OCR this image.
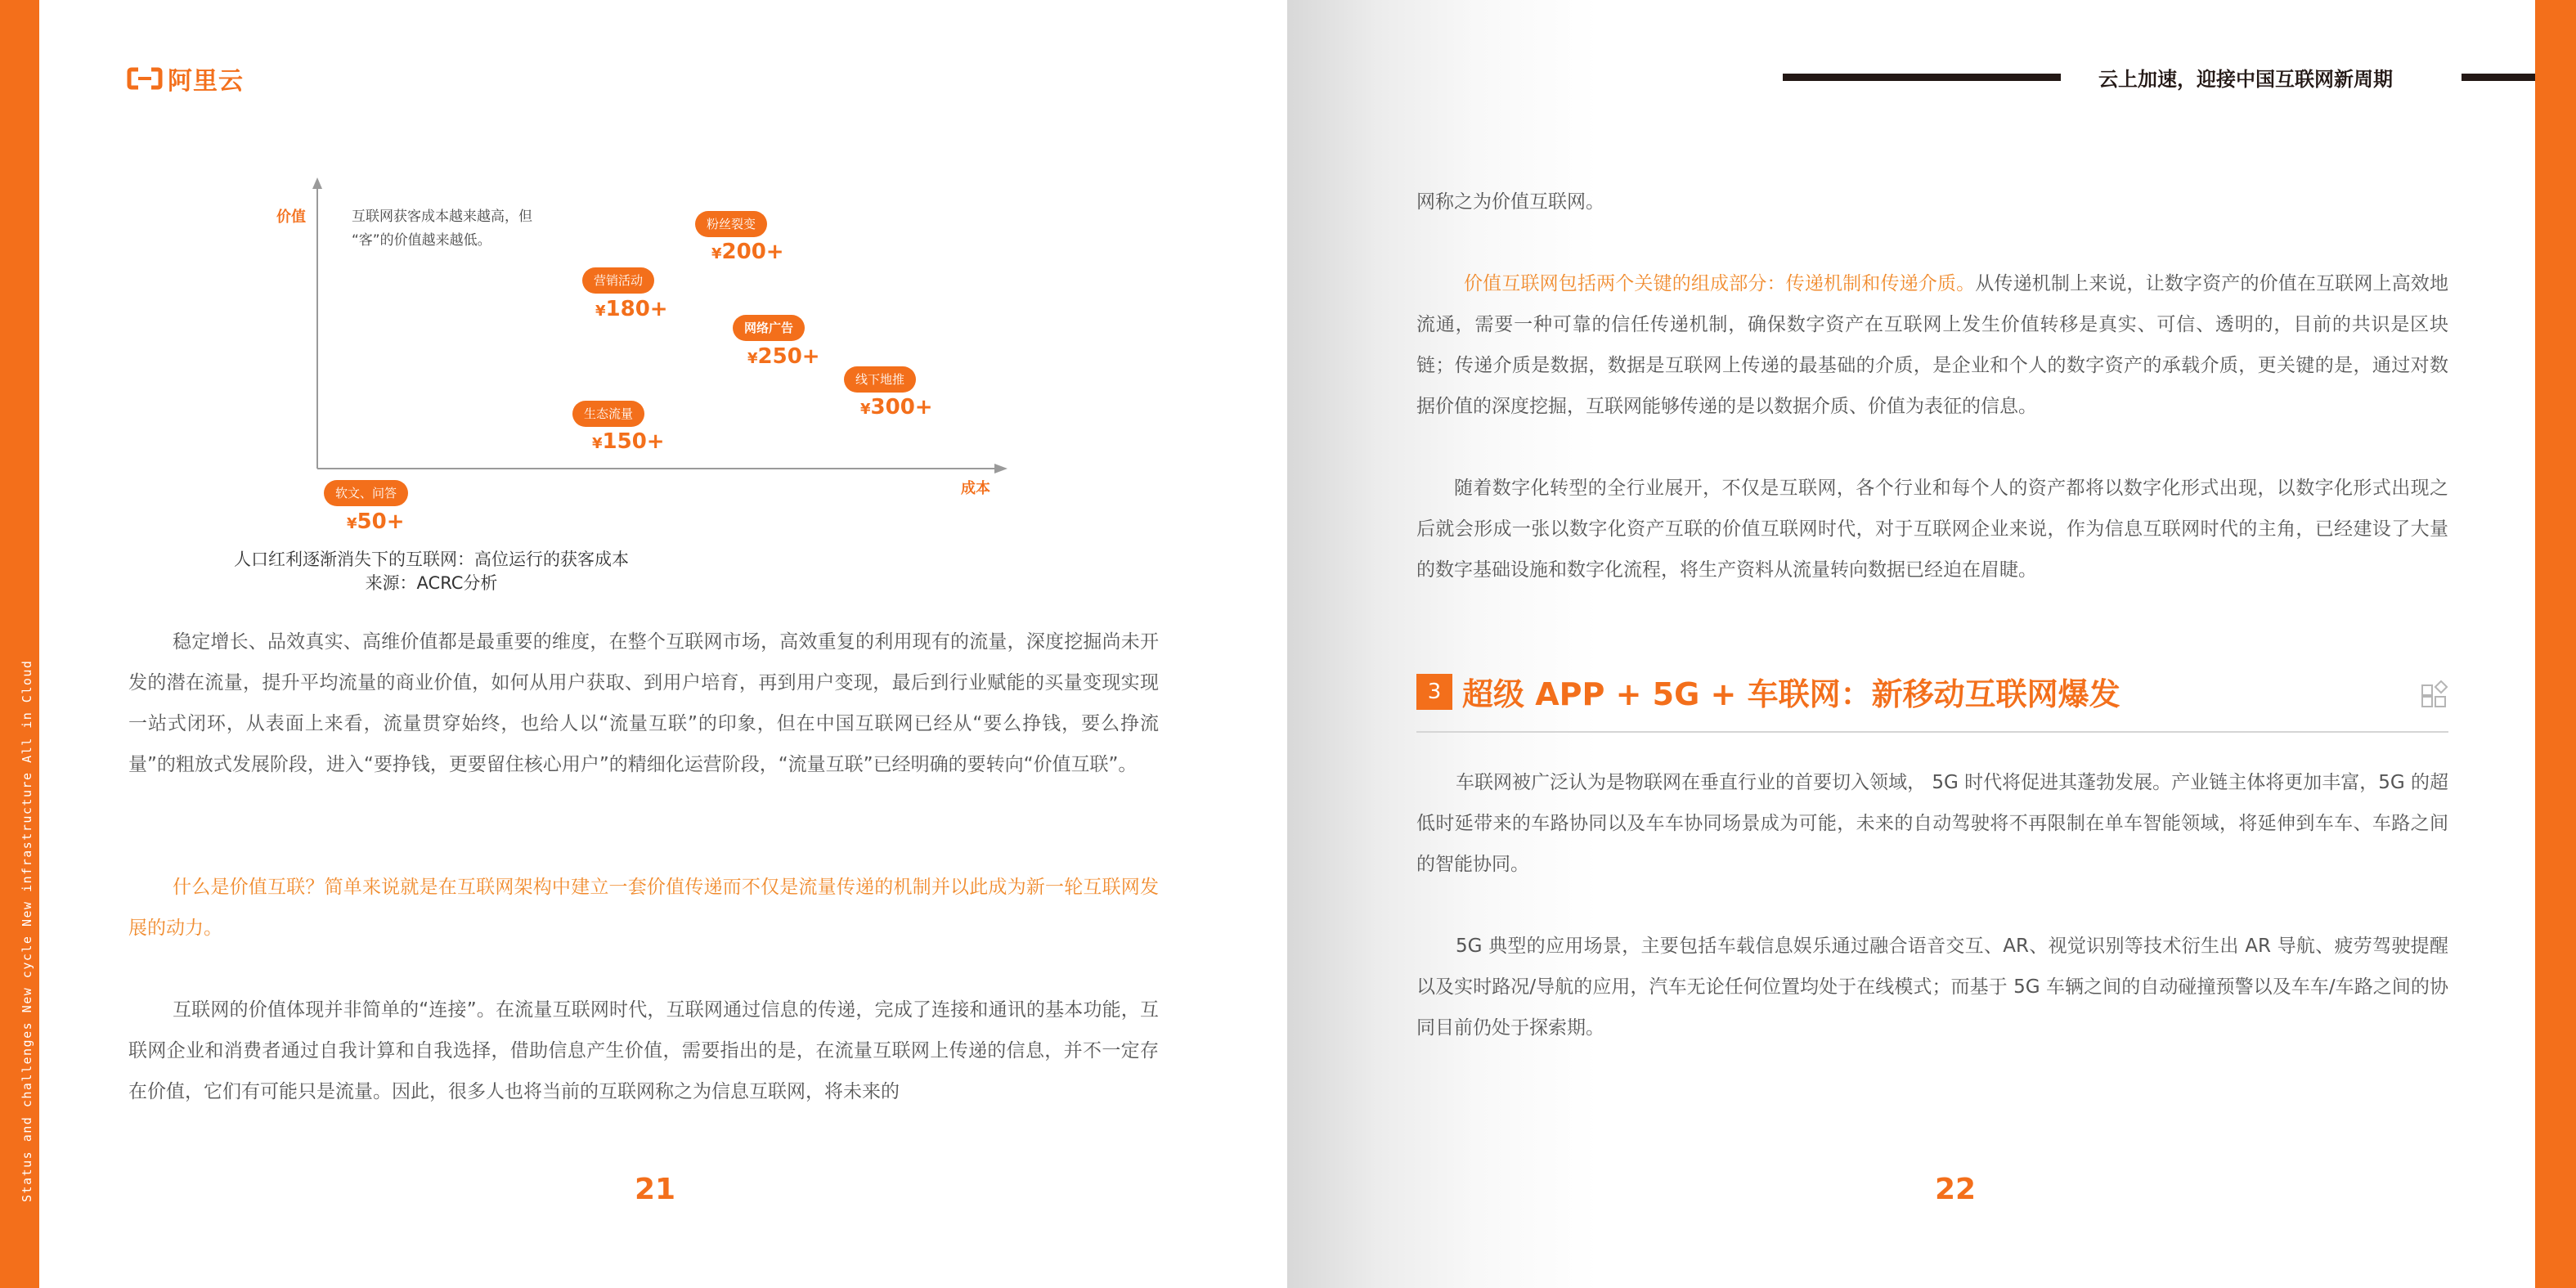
Status and challenges New cycle New infrastructure All in Cloud
阿里云	云上加速，迎接中国互联网新周期
价值
成本
互联网获客成本越来越高，但
“客”的价值越来越低。
软文、问答
¥50+
生态流量
¥150+
营销活动
¥180+
粉丝裂变
¥200+
网络广告
¥250+
线下地推
¥300+
人口红利逐渐消失下的互联网：高位运行的获客成本
来源：ACRC分析
稳定增长、品效真实、高维价值都是最重要的维度，在整个互联网市场，高效重复的利用现有的流量，深度挖掘尚未开发的潜在流量，提升平均流量的商业价值，如何从用户获取、到用户培育，再到用户变现，最后到行业赋能的买量变现实现一站式闭环，从表面上来看，流量贯穿始终，也给人以“流量互联”的印象，但在中国互联网已经从“要么挣钱，要么挣流量”的粗放式发展阶段，进入“要挣钱，更要留住核心用户”的精细化运营阶段，“流量互联”已经明确的要转向“价值互联”。
什么是价值互联？简单来说就是在互联网架构中建立一套价值传递而不仅是流量传递的机制并以此成为新一轮互联网发展的动力。
互联网的价值体现并非简单的“连接”。在流量互联网时代，互联网通过信息的传递，完成了连接和通讯的基本功能，互联网企业和消费者通过自我计算和自我选择，借助信息产生价值，需要指出的是，在流量互联网上传递的信息，并不一定存在价值，它们有可能只是流量。因此，很多人也将当前的互联网称之为信息互联网，将未来的
网称之为价值互联网。
价值互联网包括两个关键的组成部分：传递机制和传递介质。从传递机制上来说，让数字资产的价值在互联网上高效地流通，需要一种可靠的信任传递机制，确保数字资产在互联网上发生价值转移是真实、可信、透明的，目前的共识是区块链；传递介质是数据，数据是互联网上传递的最基础的介质，是企业和个人的数字资产的承载介质，更关键的是，通过对数据价值的深度挖掘，互联网能够传递的是以数据介质、价值为表征的信息。
随着数字化转型的全行业展开，不仅是互联网，各个行业和每个人的资产都将以数字化形式出现，以数字化形式出现之后就会形成一张以数字化资产互联的价值互联网时代，对于互联网企业来说，作为信息互联网时代的主角，已经建设了大量的数字基础设施和数字化流程，将生产资料从流量转向数据已经迫在眉睫。
3 超级 APP + 5G + 车联网：新移动互联网爆发
车联网被广泛认为是物联网在垂直行业的首要切入领域， 5G 时代将促进其蓬勃发展。产业链主体将更加丰富，5G 的超低时延带来的车路协同以及车车协同场景成为可能，未来的自动驾驶将不再限制在单车智能领域，将延伸到车车、车路之间的智能协同。
5G 典型的应用场景，主要包括车载信息娱乐通过融合语音交互、AR、视觉识别等技术衍生出 AR 导航、疲劳驾驶提醒以及实时路况/导航的应用，汽车无论任何位置均处于在线模式；而基于 5G 车辆之间的自动碰撞预警以及车车/车路之间的协同目前仍处于探索期。
21	22
